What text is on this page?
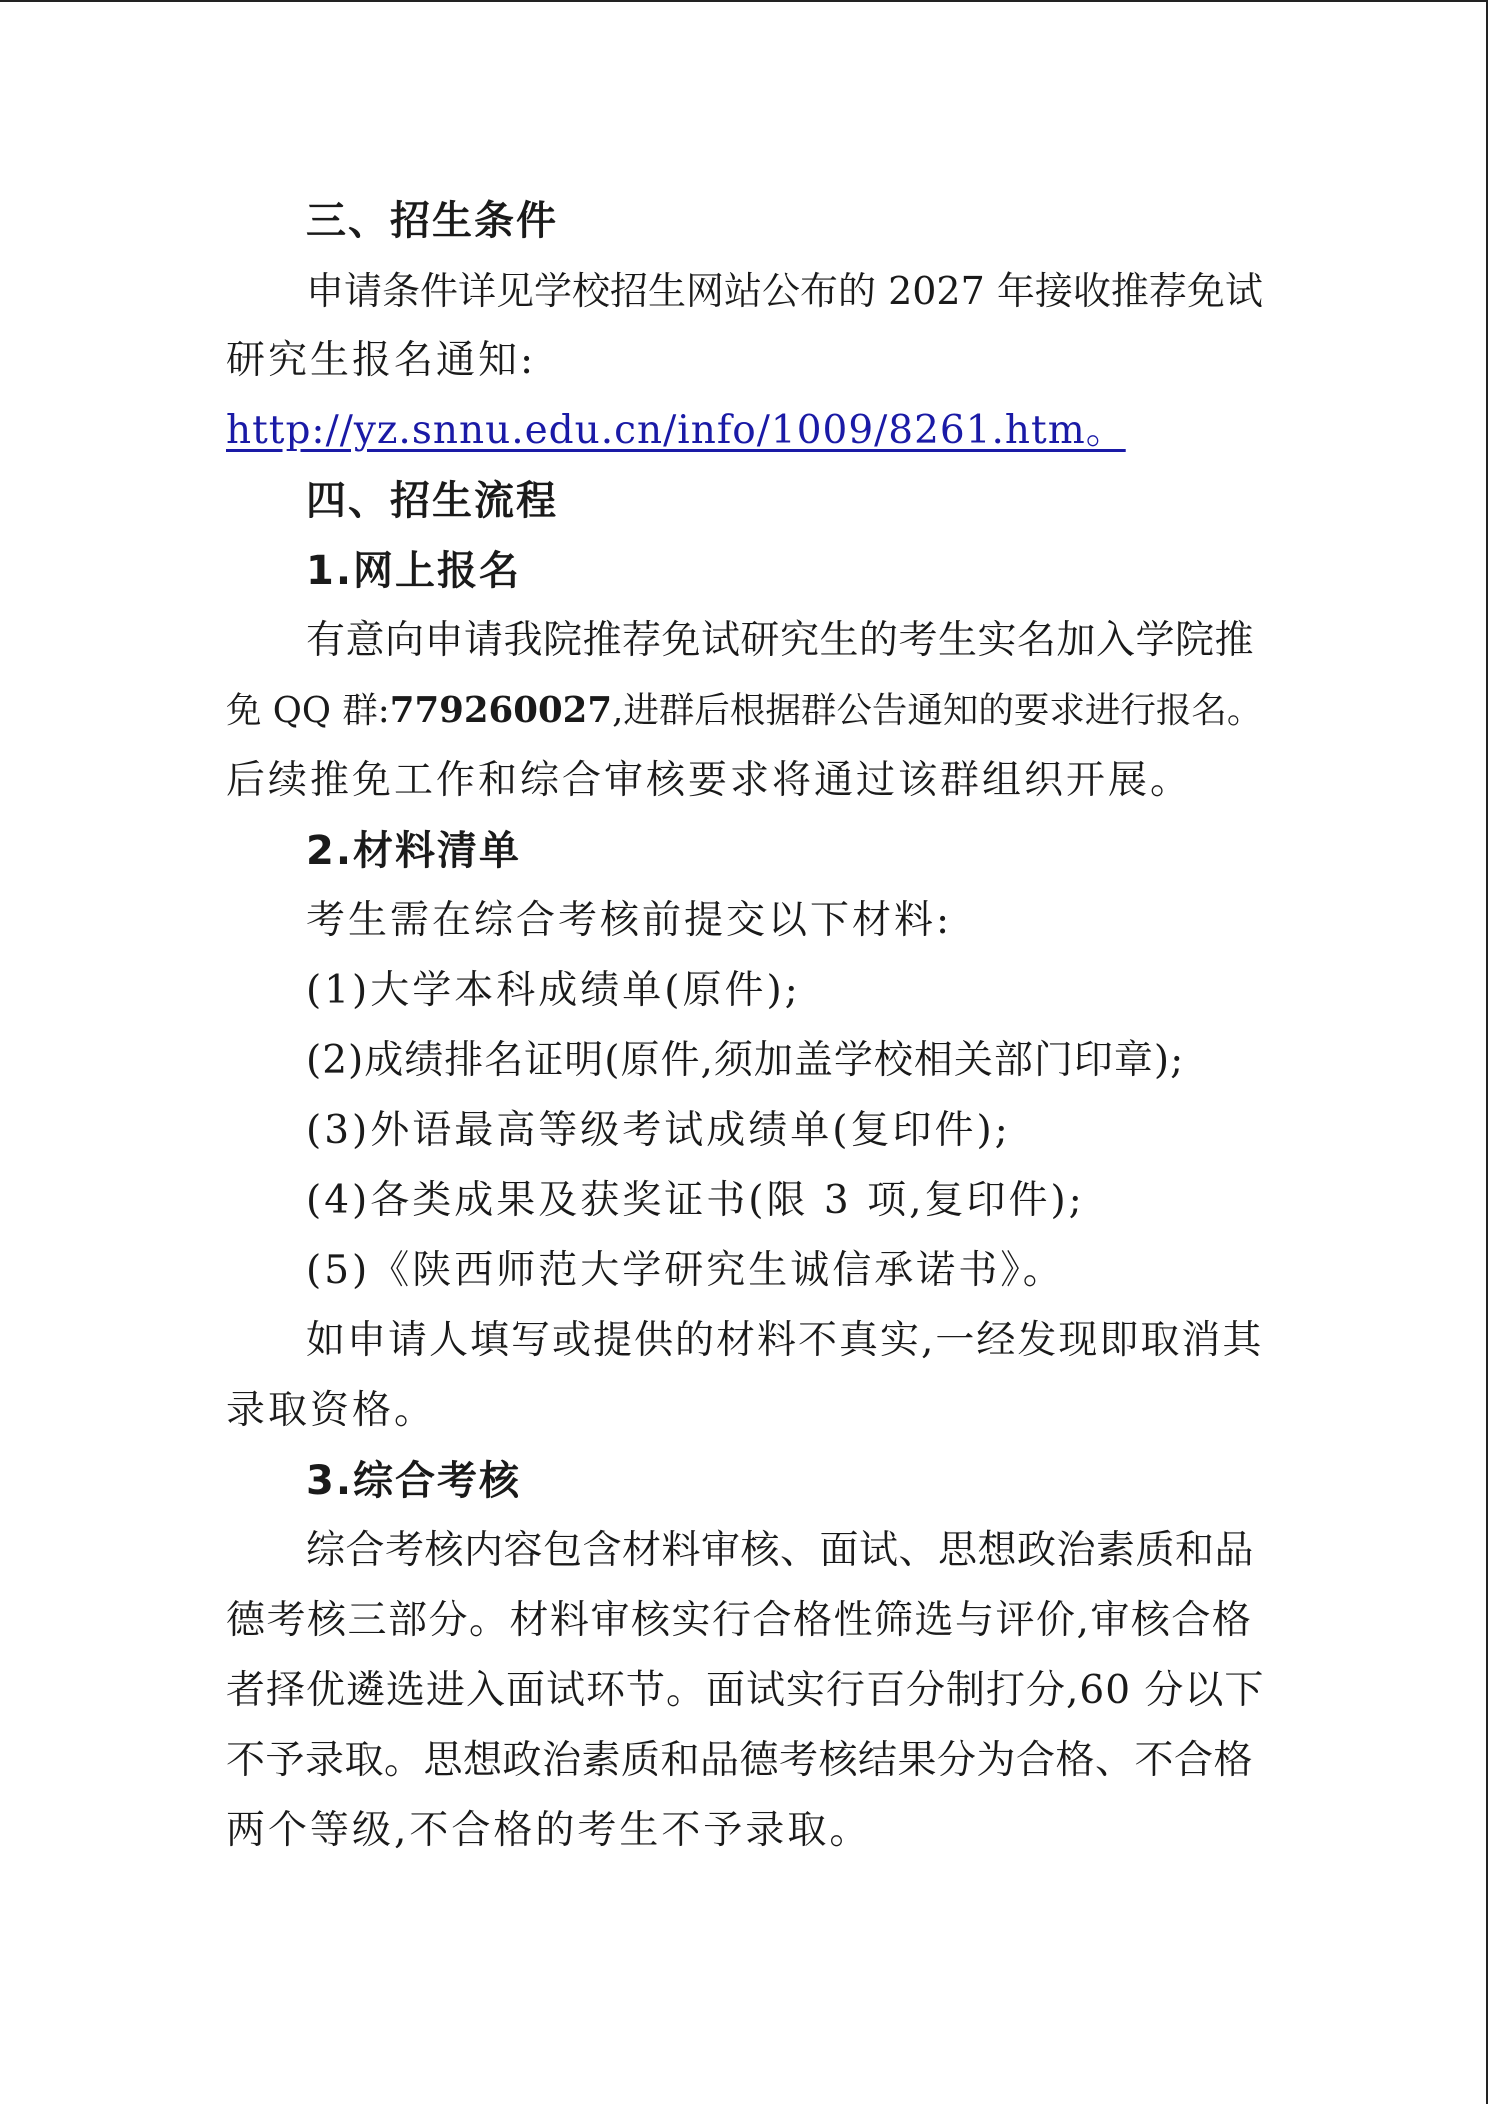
三、招生条件
申请条件详见学校招生网站公布的 2027 年接收推荐免试
研究生报名通知:
http://yz.snnu.edu.cn/info/1009/8261.htm。
四、招生流程
1.网上报名
有意向申请我院推荐免试研究生的考生实名加入学院推
免 QQ 群:779260027,进群后根据群公告通知的要求进行报名。
后续推免工作和综合审核要求将通过该群组织开展。
2.材料清单
考生需在综合考核前提交以下材料:
(1)大学本科成绩单(原件);
(2)成绩排名证明(原件,须加盖学校相关部门印章);
(3)外语最高等级考试成绩单(复印件);
(4)各类成果及获奖证书(限 3 项,复印件);
(5)《陕西师范大学研究生诚信承诺书》。
如申请人填写或提供的材料不真实,一经发现即取消其
录取资格。
3.综合考核
综合考核内容包含材料审核、面试、思想政治素质和品
德考核三部分。材料审核实行合格性筛选与评价,审核合格
者择优遴选进入面试环节。面试实行百分制打分,60 分以下
不予录取。思想政治素质和品德考核结果分为合格、不合格
两个等级,不合格的考生不予录取。
